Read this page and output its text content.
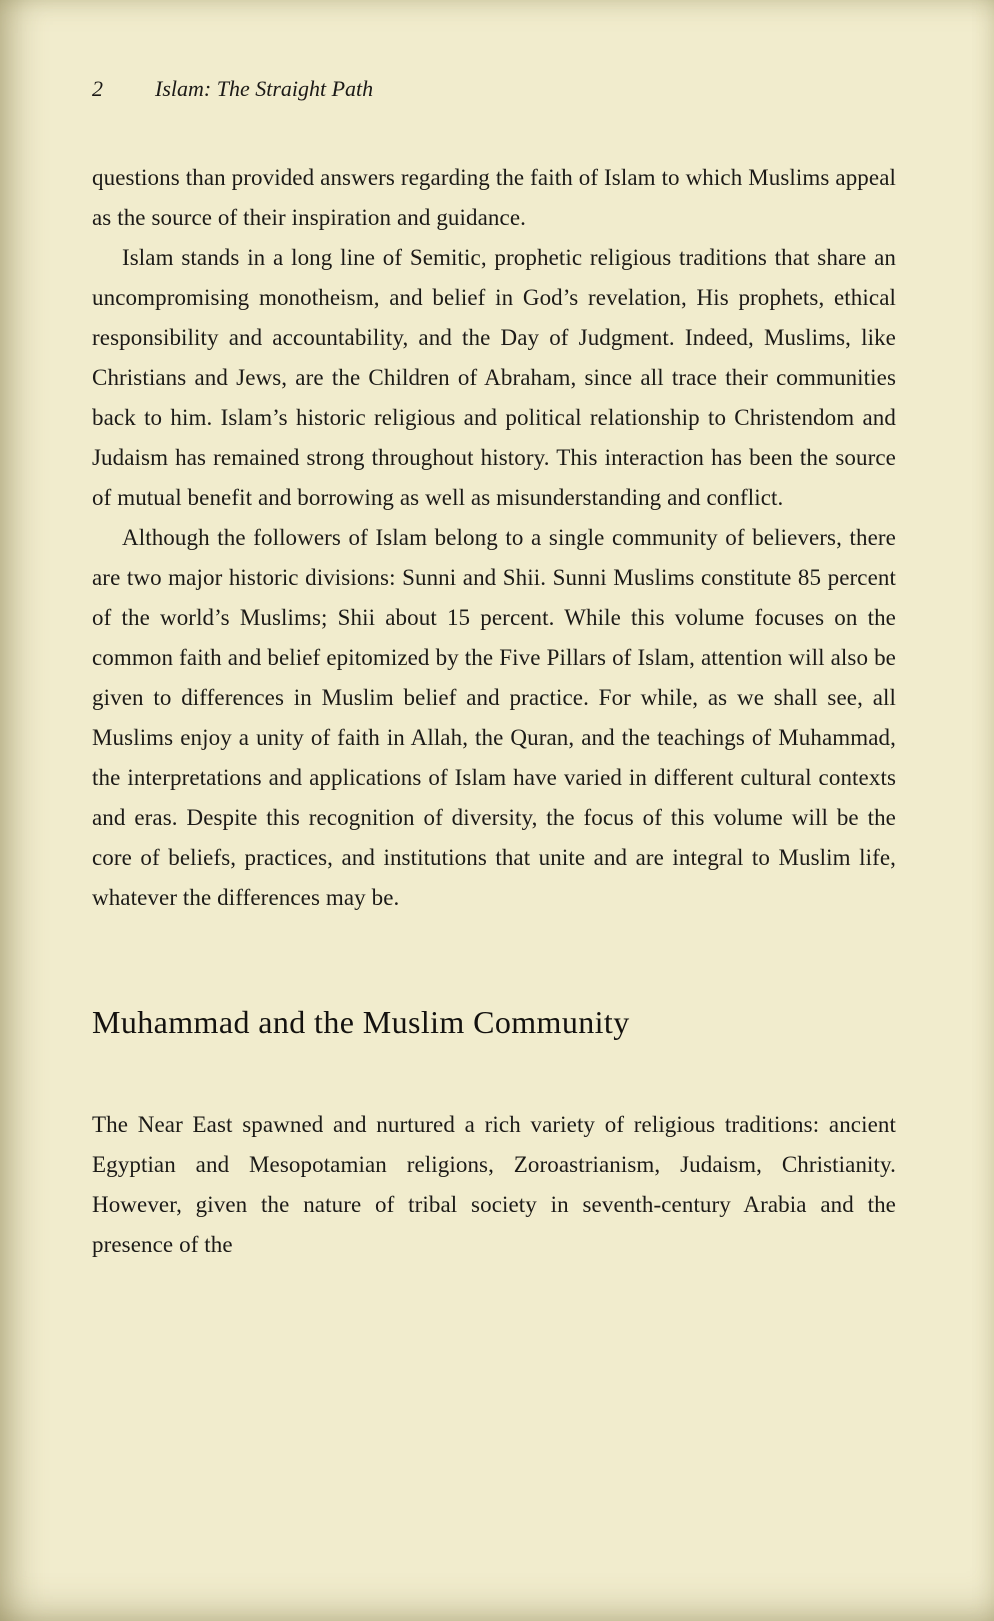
2 Islam: The Straight Path

questions than provided answers regarding the faith of Islam to which Muslims appeal as the source of their inspiration and guidance.

Islam stands in a long line of Semitic, prophetic religious traditions that share an uncompromising monotheism, and belief in God’s revelation, His prophets, ethical responsibility and accountability, and the Day of Judgment. Indeed, Muslims, like Christians and Jews, are the Children of Abraham, since all trace their communities back to him. Islam’s historic religious and political relationship to Christendom and Judaism has remained strong throughout history. This interaction has been the source of mutual benefit and borrowing as well as misunderstanding and conflict.

Although the followers of Islam belong to a single community of believers, there are two major historic divisions: Sunni and Shii. Sunni Muslims constitute 85 percent of the world’s Muslims; Shii about 15 percent. While this volume focuses on the common faith and belief epitomized by the Five Pillars of Islam, attention will also be given to differences in Muslim belief and practice. For while, as we shall see, all Muslims enjoy a unity of faith in Allah, the Quran, and the teachings of Muhammad, the interpretations and applications of Islam have varied in different cultural contexts and eras. Despite this recognition of diversity, the focus of this volume will be the core of beliefs, practices, and institutions that unite and are integral to Muslim life, whatever the differences may be.

Muhammad and the Muslim Community

The Near East spawned and nurtured a rich variety of religious traditions: ancient Egyptian and Mesopotamian religions, Zoroastrianism, Judaism, Christianity. However, given the nature of tribal society in seventh-century Arabia and the presence of the
